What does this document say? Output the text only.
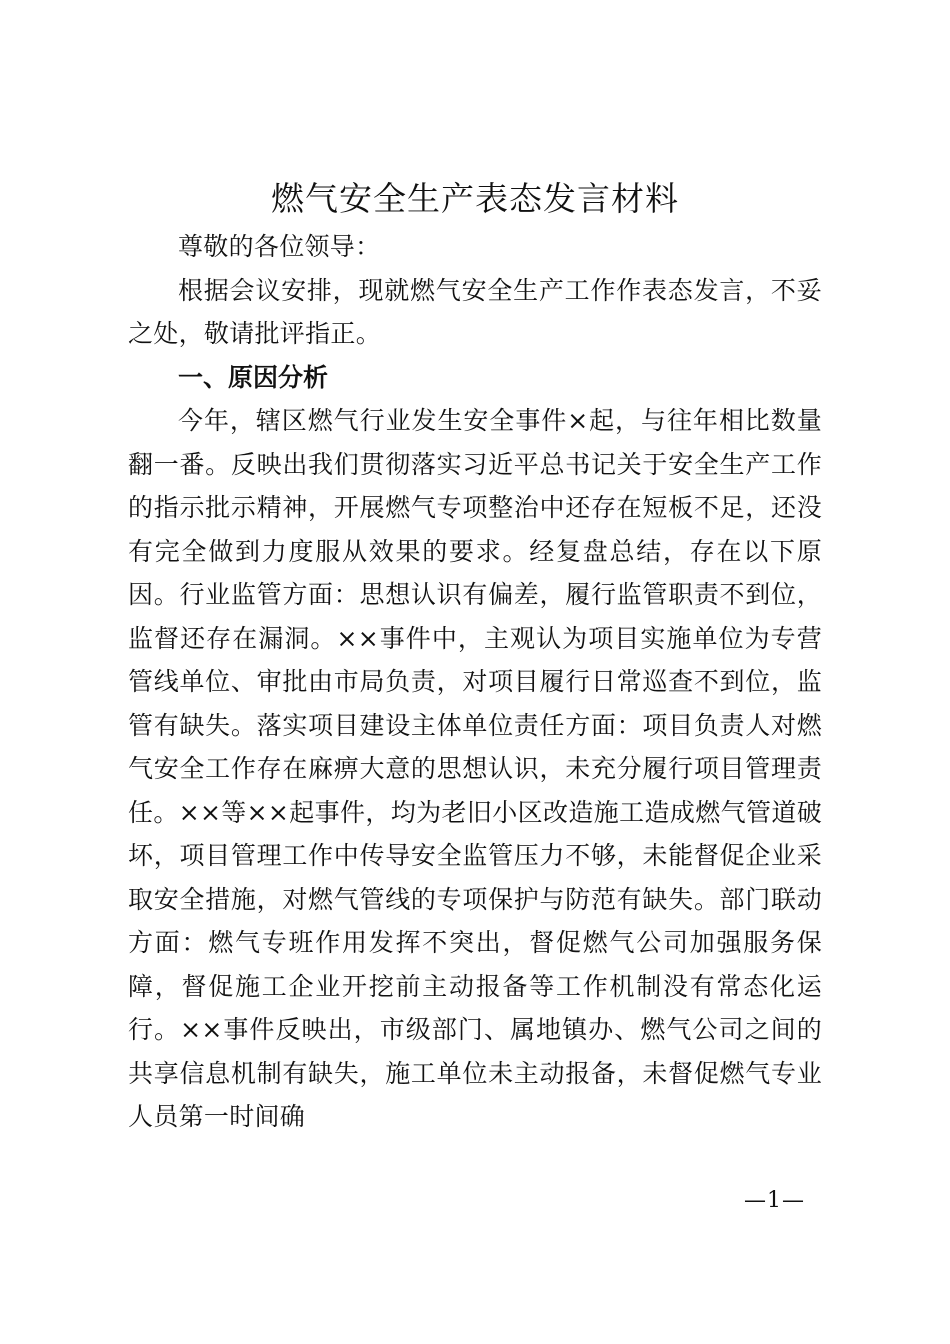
燃气安全生产表态发言材料

尊敬的各位领导：

根据会议安排，现就燃气安全生产工作作表态发言，不妥之处，敬请批评指正。

一、原因分析

今年，辖区燃气行业发生安全事件×起，与往年相比数量翻一番。反映出我们贯彻落实习近平总书记关于安全生产工作的指示批示精神，开展燃气专项整治中还存在短板不足，还没有完全做到力度服从效果的要求。经复盘总结，存在以下原因。行业监管方面：思想认识有偏差，履行监管职责不到位，监督还存在漏洞。××事件中，主观认为项目实施单位为专营管线单位、审批由市局负责，对项目履行日常巡查不到位，监管有缺失。落实项目建设主体单位责任方面：项目负责人对燃气安全工作存在麻痹大意的思想认识，未充分履行项目管理责任。××等××起事件，均为老旧小区改造施工造成燃气管道破坏，项目管理工作中传导安全监管压力不够，未能督促企业采取安全措施，对燃气管线的专项保护与防范有缺失。部门联动方面：燃气专班作用发挥不突出，督促燃气公司加强服务保障，督促施工企业开挖前主动报备等工作机制没有常态化运行。××事件反映出，市级部门、属地镇办、燃气公司之间的共享信息机制有缺失，施工单位未主动报备，未督促燃气专业人员第一时间确

—1—
